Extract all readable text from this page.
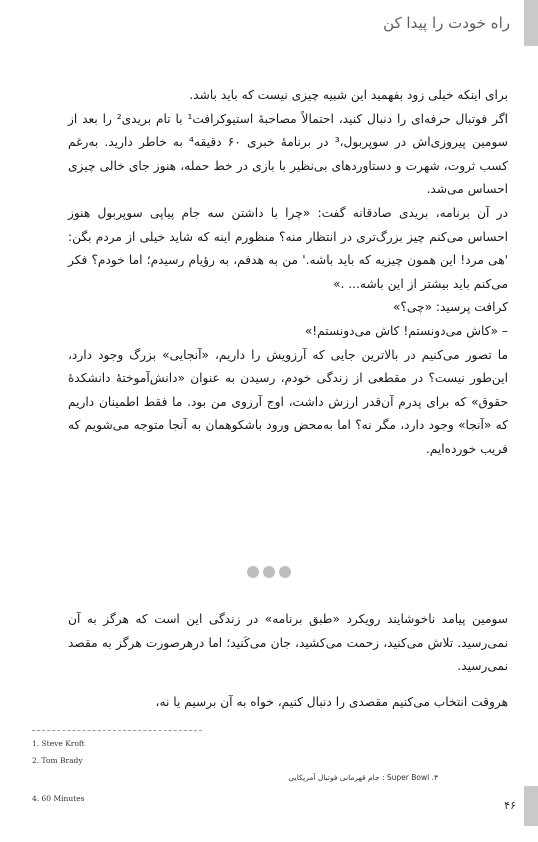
راه خودت را پیدا کن

برای اینکه خیلی زود بفهمید این شبیه چیزی نیست که باید باشد.

اگر فوتبال حرفه‌ای را دنبال کنید، احتمالاً مصاحبهٔ استیوکرافت¹ با تام بریدی² را بعد از سومین پیروزی‌اش در سوپربول،³ در برنامهٔ خبری ۶۰ دقیقه⁴ به خاطر دارید. به‌رغم کسب ثروت، شهرت و دستاوردهای بی‌نظیر با بازی در خط حمله، هنوز جای خالی چیزی احساس می‌شد.

در آن برنامه، بریدی صادقانه گفت: «چرا با داشتن سه جام پیاپی سوپربول هنوز احساس می‌کنم چیز بزرگ‌تری در انتظار منه؟ منظورم اینه که شاید خیلی از مردم بگن: 'هی مرد! این همون چیزیه که باید باشه.' من به هدفم، به رؤیام رسیدم؛ اما خودم؟ فکر می‌کنم باید بیشتر از این باشه... .»

کرافت پرسید: «چی؟»

– «کاش می‌دونستم! کاش می‌دونستم!»

ما تصور می‌کنیم در بالاترین جایی که آرزویش را داریم، «آنجایی» بزرگ وجود دارد، این‌طور نیست؟ در مقطعی از زندگی خودم، رسیدن به عنوان «دانش‌آموختهٔ دانشکدهٔ حقوق» که برای پدرم آن‌قدر ارزش داشت، اوج آرزوی من بود. ما فقط اطمینان داریم که «آنجا» وجود دارد، مگر نه؟ اما به‌محض ورود باشکوهمان به آنجا متوجه می‌شویم که فریب خورده‌ایم.

سومین پیامد ناخوشایند رویکرد «طبق برنامه» در زندگی این است که هرگز به آن نمی‌رسید. تلاش می‌کنید، زحمت می‌کشید، جان می‌کَنید؛ اما درهرصورت هرگز به مقصد نمی‌رسید.

هروقت انتخاب می‌کنیم مقصدی را دنبال کنیم، خواه به آن برسیم یا نه،

1. Steve Kroft
2. Tom Brady
۳. Super Bowl : جام قهرمانی فوتبال آمریکایی
4. 60 Minutes
۴۶
